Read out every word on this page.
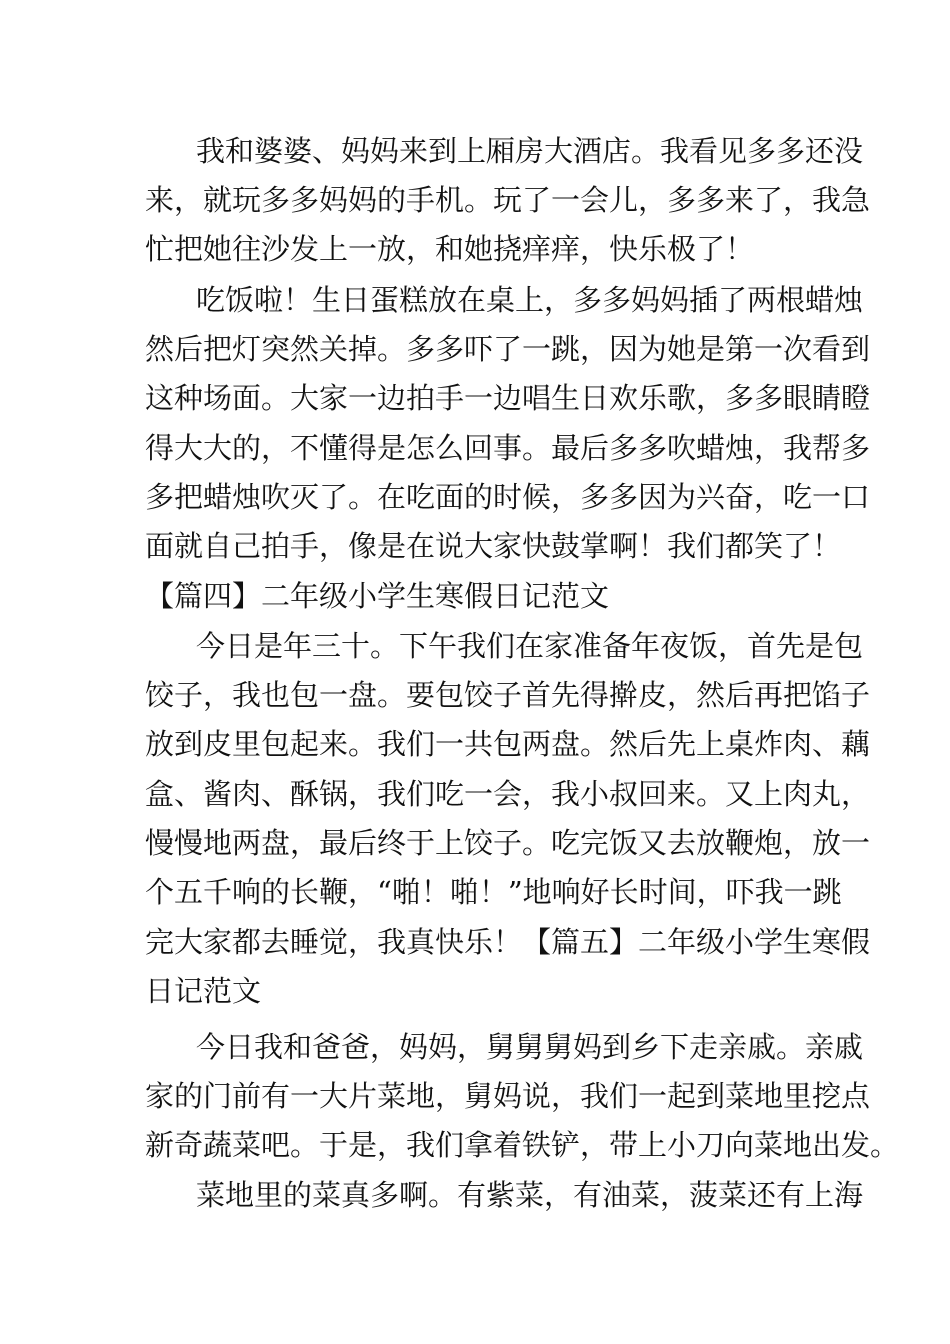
我和婆婆、妈妈来到上厢房大酒店。我看见多多还没
来，就玩多多妈妈的手机。玩了一会儿，多多来了，我急
忙把她往沙发上一放，和她挠痒痒，快乐极了！
吃饭啦！生日蛋糕放在桌上，多多妈妈插了两根蜡烛
然后把灯突然关掉。多多吓了一跳，因为她是第一次看到
这种场面。大家一边拍手一边唱生日欢乐歌，多多眼睛瞪
得大大的，不懂得是怎么回事。最后多多吹蜡烛，我帮多
多把蜡烛吹灭了。在吃面的时候，多多因为兴奋，吃一口
面就自己拍手，像是在说大家快鼓掌啊！我们都笑了！
【篇四】二年级小学生寒假日记范文
今日是年三十。下午我们在家准备年夜饭，首先是包
饺子，我也包一盘。要包饺子首先得擀皮，然后再把馅子
放到皮里包起来。我们一共包两盘。然后先上桌炸肉、藕
盒、酱肉、酥锅，我们吃一会，我小叔回来。又上肉丸，
慢慢地两盘，最后终于上饺子。吃完饭又去放鞭炮，放一
个五千响的长鞭，“啪！啪！”地响好长时间，吓我一跳
完大家都去睡觉，我真快乐！【篇五】二年级小学生寒假
日记范文
今日我和爸爸，妈妈，舅舅舅妈到乡下走亲戚。亲戚
家的门前有一大片菜地，舅妈说，我们一起到菜地里挖点
新奇蔬菜吧。于是，我们拿着铁铲，带上小刀向菜地出发。
菜地里的菜真多啊。有紫菜，有油菜，菠菜还有上海
